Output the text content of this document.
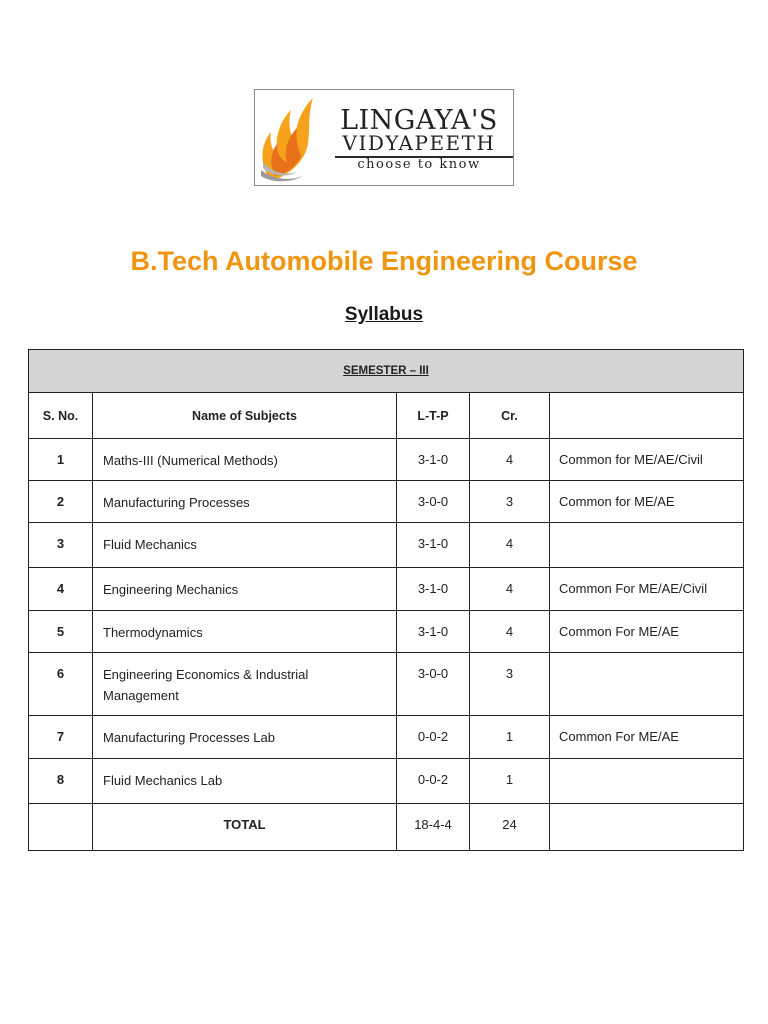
LINGAYA'S
VIDYAPEETH
choose to know
B.Tech Automobile Engineering Course
Syllabus
SEMESTER – III				
S. No.	Name of Subjects	L-T-P	Cr.	
1	Maths-III (Numerical Methods)	3-1-0	4	Common for ME/AE/Civil
2	Manufacturing Processes	3-0-0	3	Common for ME/AE
3	Fluid Mechanics	3-1-0	4	
4	Engineering Mechanics	3-1-0	4	Common For ME/AE/Civil
5	Thermodynamics	3-1-0	4	Common For ME/AE
6	Engineering Economics & Industrial Management	3-0-0	3	
7	Manufacturing Processes Lab	0-0-2	1	Common For ME/AE
8	Fluid Mechanics Lab	0-0-2	1	
	TOTAL	18-4-4	24	
